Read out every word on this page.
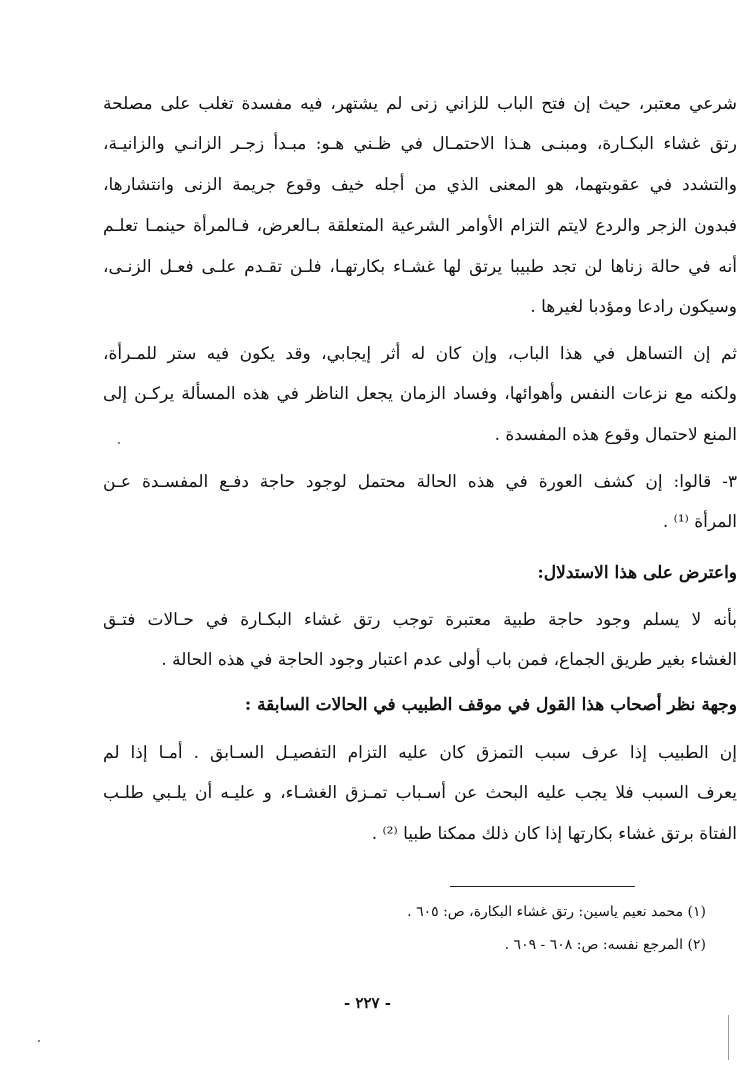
شرعي معتبر، حيث إن فتح الباب للزاني زنى لم يشتهر، فيه مفسدة تغلب على مصلحة
رتق غشاء البكـارة، ومبنـى هـذا الاحتمـال في ظـني هـو: مبـدأ زجـر الزانـي والزانيـة،
والتشدد في عقوبتهما، هو المعنى الذي من أجله خيف وقوع جريمة الزنى وانتشارها،
فبدون الزجر والردع لايتم التزام الأوامر الشرعية المتعلقة بـالعرض، فـالمرأة حينمـا تعلـم
أنه في حالة زناها لن تجد طبيبا يرتق لها غشـاء بكارتهـا، فلـن تقـدم علـى فعـل الزنـى،
وسيكون رادعا ومؤدبا لغيرها .
ثم إن التساهل في هذا الباب، وإن كان له أثر إيجابي، وقد يكون فيه ستر للمـرأة،
ولكنه مع نزعات النفس وأهوائها، وفساد الزمان يجعل الناظر في هذه المسألة يركـن إلى
المنع لاحتمال وقوع هذه المفسدة .
٣- قالوا: إن كشف العورة في هذه الحالة محتمل لوجود حاجة دفـع المفسـدة عـن
المرأة ⁽¹⁾ .
واعترض على هذا الاستدلال:
بأنه لا يسلم وجود حاجة طبية معتبرة توجب رتق غشاء البكـارة في حـالات فتـق
الغشاء بغير طريق الجماع، فمن باب أولى عدم اعتبار وجود الحاجة في هذه الحالة .
وجهة نظر أصحاب هذا القول في موقف الطبيب في الحالات السابقة :
إن الطبيب إذا عرف سبب التمزق كان عليه التزام التفصيـل السـابق . أمـا إذا لم
يعرف السبب فلا يجب عليه البحث عن أسـباب تمـزق الغشـاء، و عليـه أن يلـبي طلـب
الفتاة برتق غشاء بكارتها إذا كان ذلك ممكنا طبيا ⁽²⁾ .
(١) محمد نعيم ياسين: رتق غشاء البكارة، ص: ٦٠٥ .
(٢) المرجع نفسه: ص: ٦٠٨ - ٦٠٩ .
- ٢٢٧ -
